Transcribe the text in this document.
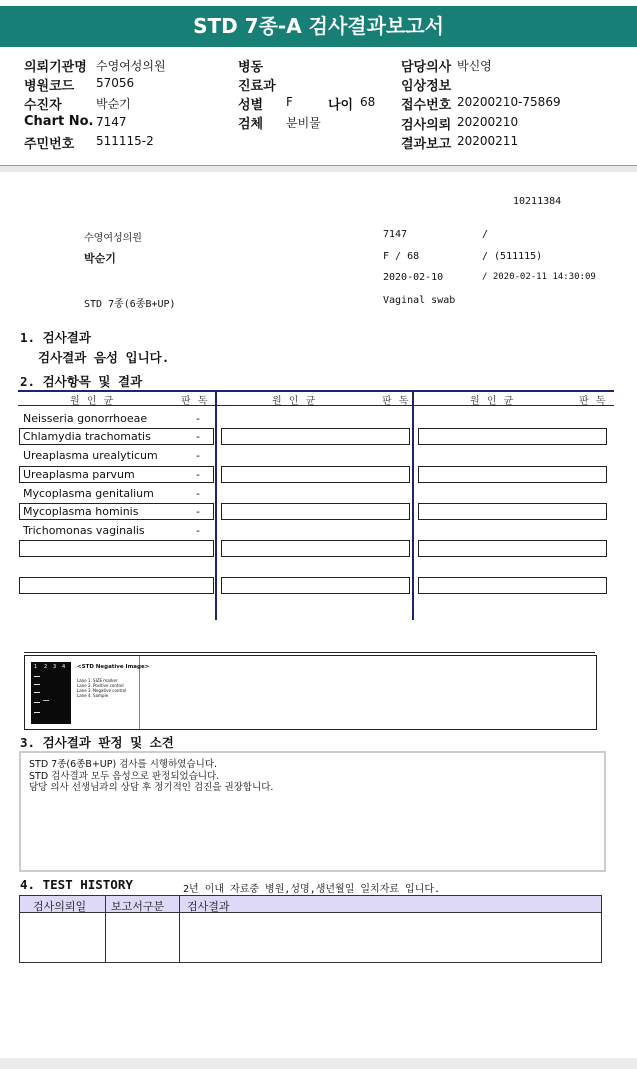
STD 7종-A 검사결과보고서
의뢰기관명 수영여성의원	병동	담당의사 박신영
병원코드 57056	진료과	임상정보
수진자	박순기	성별 F	나이 68 접수번호 20200210-75869
Chart No. 7147	검체 분비물	검사의뢰 20200210
주민번호 511115-2	결과보고 20200211
10211384
수영여성의원	7147	/
박순기	F / 68	/ (511115)
2020-02-10	/ 2020-02-11 14:30:09
STD 7종(6종B+UP)	Vaginal swab
1. 검사결과
검사결과 음성 입니다.
2. 검사항목 및 결과
원 인 균	판 독	원 인 균	판 독	원 인 균	판 독
Neisseria gonorrhoeae	-
Chlamydia trachomatis	-
Ureaplasma urealyticum	-
Ureaplasma parvum	-
Mycoplasma genitalium	-
Mycoplasma hominis	-
Trichomonas vaginalis	-
1 2 3 4 <STD Negative Image>
Lane 1. SIZE marker
Lane 2. Positive control
Lane 3. Negative control
Lane 4. Sample
3. 검사결과 판정 및 소견
STD 7종(6종B+UP) 검사를 시행하였습니다.
STD 검사결과 모두 음성으로 판정되었습니다.
담당 의사 선생님과의 상담 후 정기적인 검진을 권장합니다.
4. TEST HISTORY	2년 이내 자료중 병원,성명,생년월일 일치자료 입니다.
검사의뢰일 보고서구분 검사결과
